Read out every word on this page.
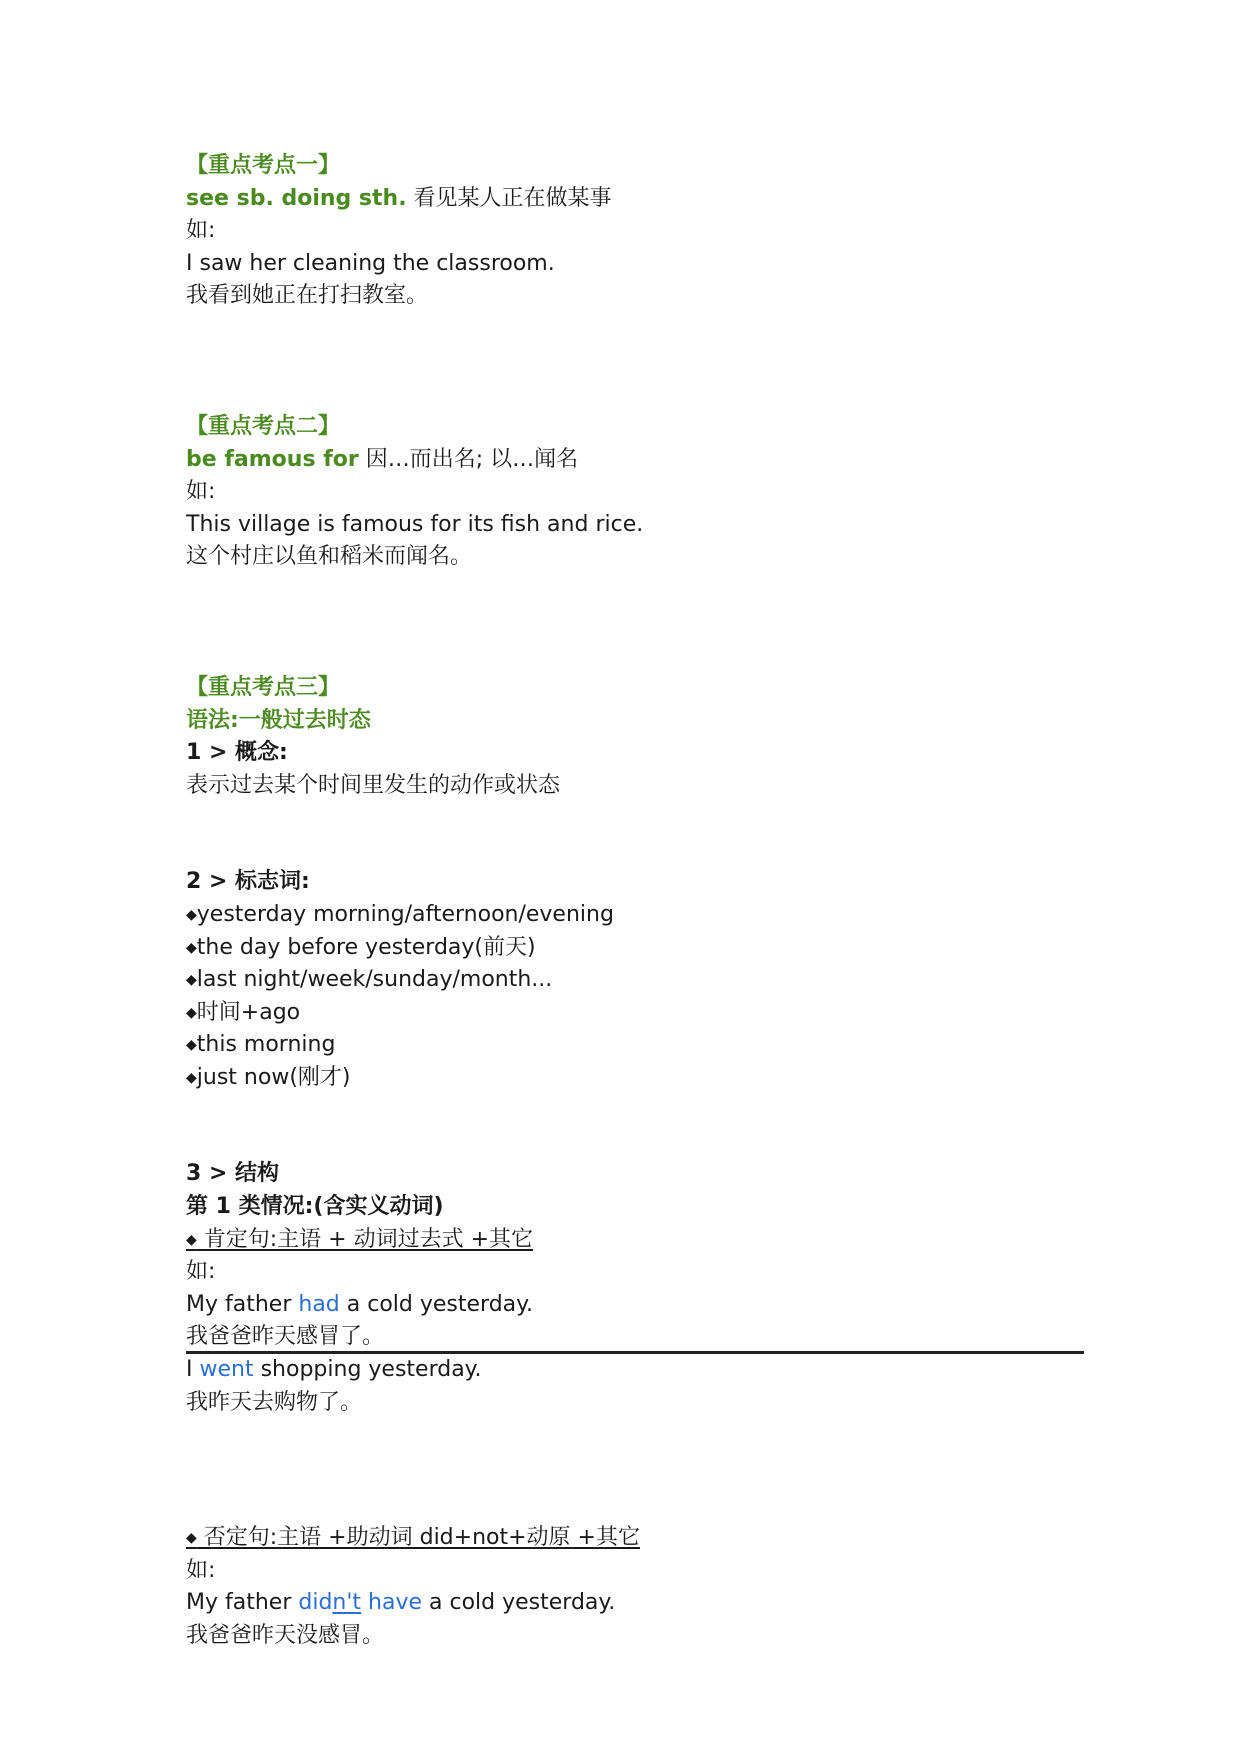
【重点考点一】
see sb. doing sth. 看见某人正在做某事
如:
I saw her cleaning the classroom.
我看到她正在打扫教室。
【重点考点二】
be famous for 因…而出名; 以…闻名
如:
This village is famous for its fish and rice.
这个村庄以鱼和稻米而闻名。
【重点考点三】
语法:一般过去时态
1 > 概念:
表示过去某个时间里发生的动作或状态
2 > 标志词:
◆yesterday morning/afternoon/evening
◆the day before yesterday(前天)
◆last night/week/sunday/month...
◆时间+ago
◆this morning
◆just now(刚才)
3 > 结构
第 1 类情况:(含实义动词)
◆ 肯定句:主语 + 动词过去式 +其它
如:
My father had a cold yesterday.
我爸爸昨天感冒了。
I went shopping yesterday.
我昨天去购物了。
◆ 否定句:主语 +助动词 did+not+动原 +其它
如:
My father didn't have a cold yesterday.
我爸爸昨天没感冒。
